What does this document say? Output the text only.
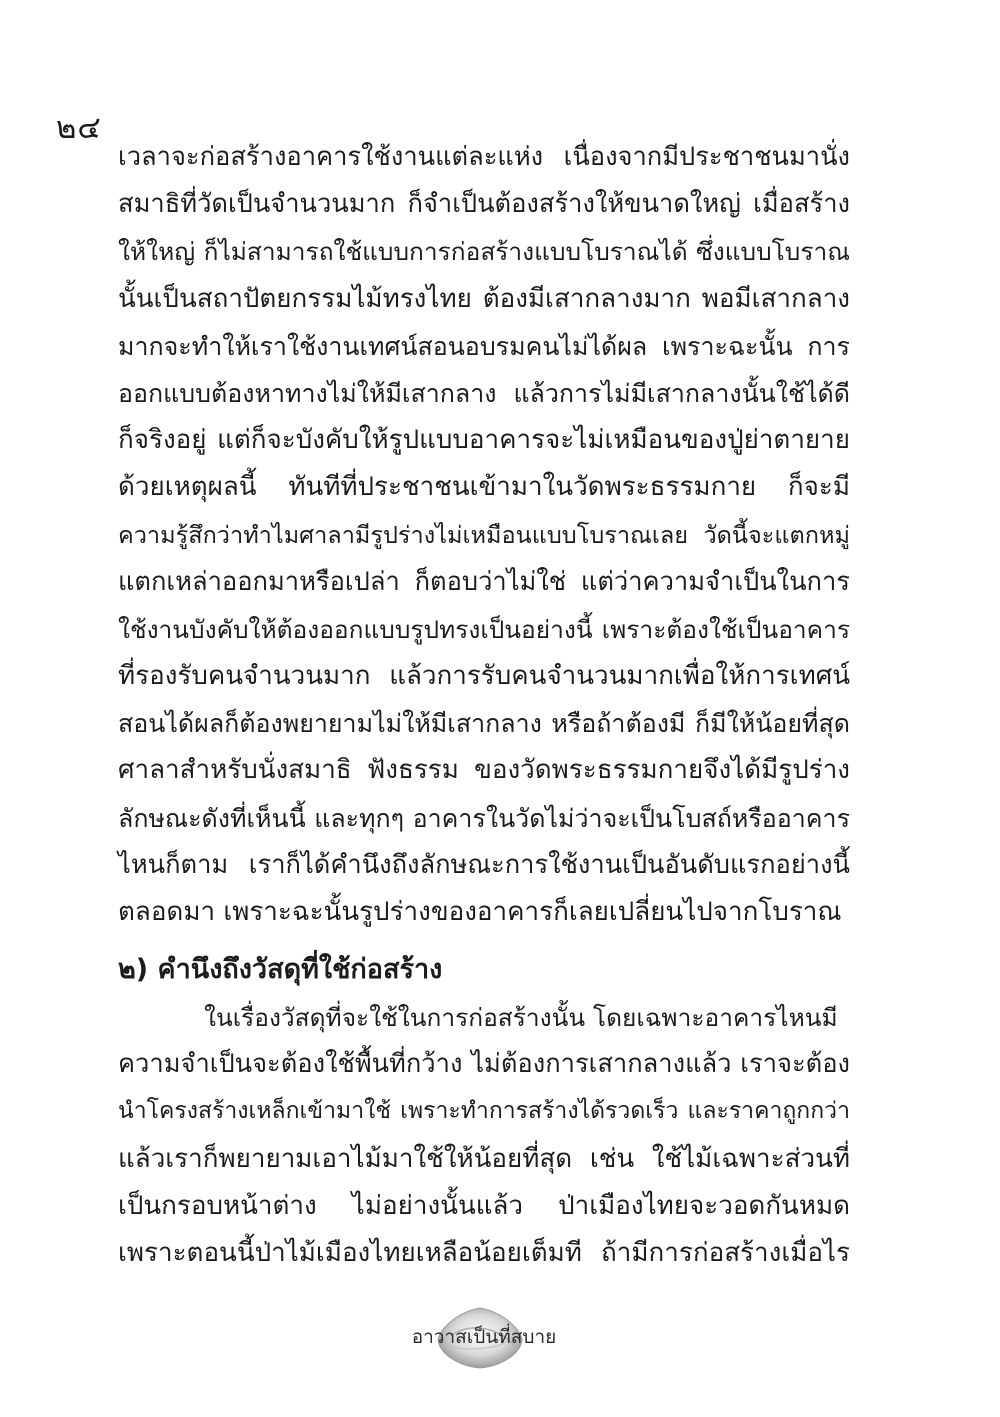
๒๔
เวลาจะก่อสร้างอาคารใช้งานแต่ละแห่ง เนื่องจากมีประชาชนมานั่ง
สมาธิที่วัดเป็นจำนวนมาก ก็จำเป็นต้องสร้างให้ขนาดใหญ่ เมื่อสร้าง
ให้ใหญ่ ก็ไม่สามารถใช้แบบการก่อสร้างแบบโบราณได้ ซึ่งแบบโบราณ
นั้นเป็นสถาปัตยกรรมไม้ทรงไทย ต้องมีเสากลางมาก พอมีเสากลาง
มากจะทำให้เราใช้งานเทศน์สอนอบรมคนไม่ได้ผล เพราะฉะนั้น การ
ออกแบบต้องหาทางไม่ให้มีเสากลาง แล้วการไม่มีเสากลางนั้นใช้ได้ดี
ก็จริงอยู่ แต่ก็จะบังคับให้รูปแบบอาคารจะไม่เหมือนของปู่ย่าตายาย
ด้วยเหตุผลนี้ ทันทีที่ประชาชนเข้ามาในวัดพระธรรมกาย ก็จะมี
ความรู้สึกว่าทำไมศาลามีรูปร่างไม่เหมือนแบบโบราณเลย วัดนี้จะแตกหมู่
แตกเหล่าออกมาหรือเปล่า ก็ตอบว่าไม่ใช่ แต่ว่าความจำเป็นในการ
ใช้งานบังคับให้ต้องออกแบบรูปทรงเป็นอย่างนี้ เพราะต้องใช้เป็นอาคาร
ที่รองรับคนจำนวนมาก แล้วการรับคนจำนวนมากเพื่อให้การเทศน์
สอนได้ผลก็ต้องพยายามไม่ให้มีเสากลาง หรือถ้าต้องมี ก็มีให้น้อยที่สุด
ศาลาสำหรับนั่งสมาธิ ฟังธรรม ของวัดพระธรรมกายจึงได้มีรูปร่าง
ลักษณะดังที่เห็นนี้ และทุกๆ อาคารในวัดไม่ว่าจะเป็นโบสถ์หรืออาคาร
ไหนก็ตาม เราก็ได้คำนึงถึงลักษณะการใช้งานเป็นอันดับแรกอย่างนี้
ตลอดมา เพราะฉะนั้นรูปร่างของอาคารก็เลยเปลี่ยนไปจากโบราณ
๒) คำนึงถึงวัสดุที่ใช้ก่อสร้าง
ในเรื่องวัสดุที่จะใช้ในการก่อสร้างนั้น โดยเฉพาะอาคารไหนมี
ความจำเป็นจะต้องใช้พื้นที่กว้าง ไม่ต้องการเสากลางแล้ว เราจะต้อง
นำโครงสร้างเหล็กเข้ามาใช้ เพราะทำการสร้างได้รวดเร็ว และราคาถูกกว่า
แล้วเราก็พยายามเอาไม้มาใช้ให้น้อยที่สุด เช่น ใช้ไม้เฉพาะส่วนที่
เป็นกรอบหน้าต่าง ไม่อย่างนั้นแล้ว ป่าเมืองไทยจะวอดกันหมด
เพราะตอนนี้ป่าไม้เมืองไทยเหลือน้อยเต็มที ถ้ามีการก่อสร้างเมื่อไร
อาวาสเป็นที่สบาย
